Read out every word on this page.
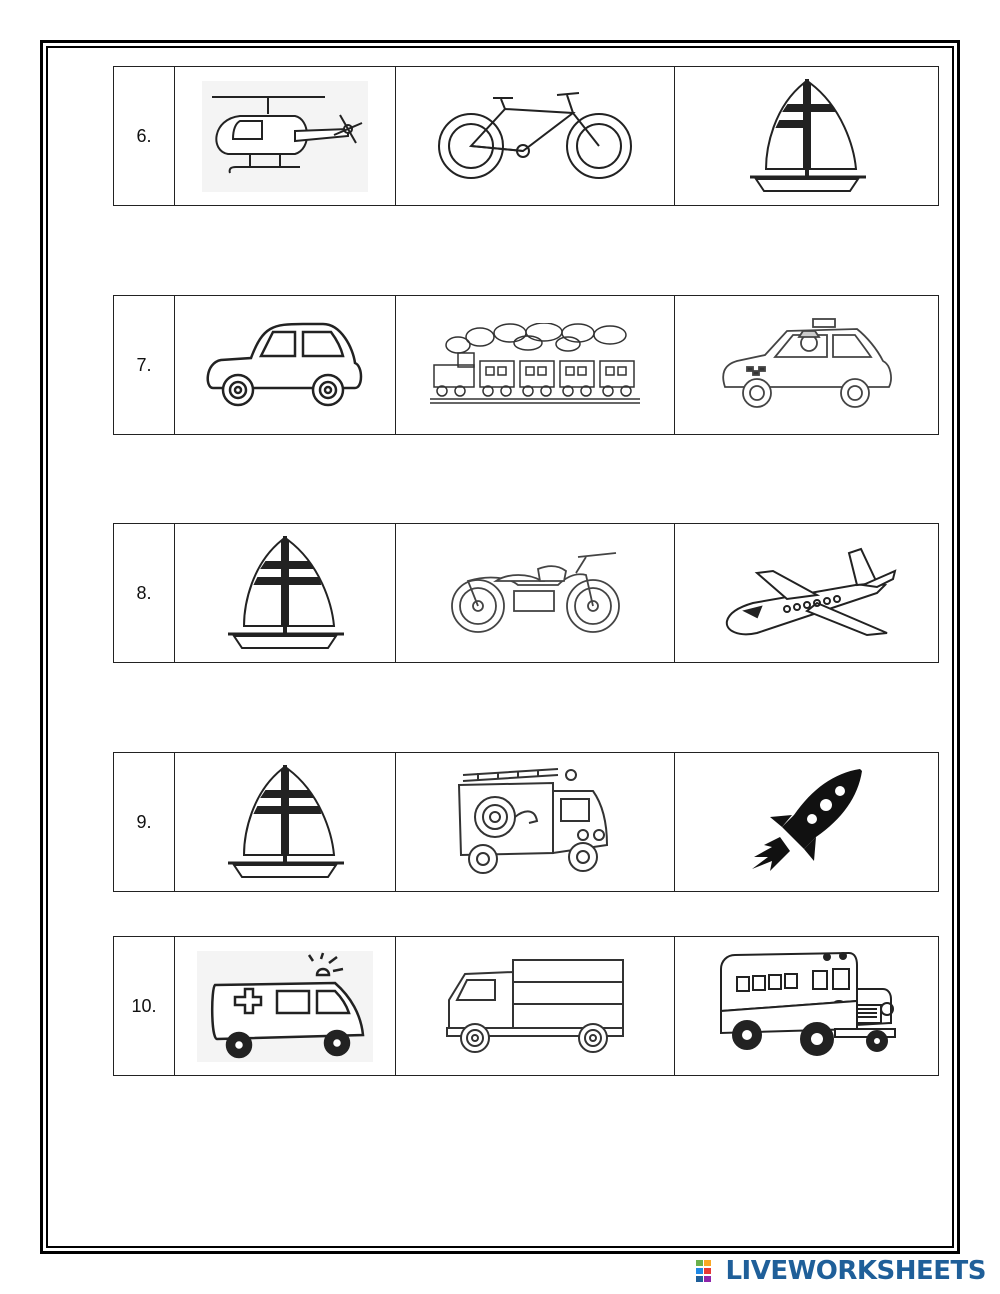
6.
7.
8.
9.
10.
LIVEWORKSHEETS
